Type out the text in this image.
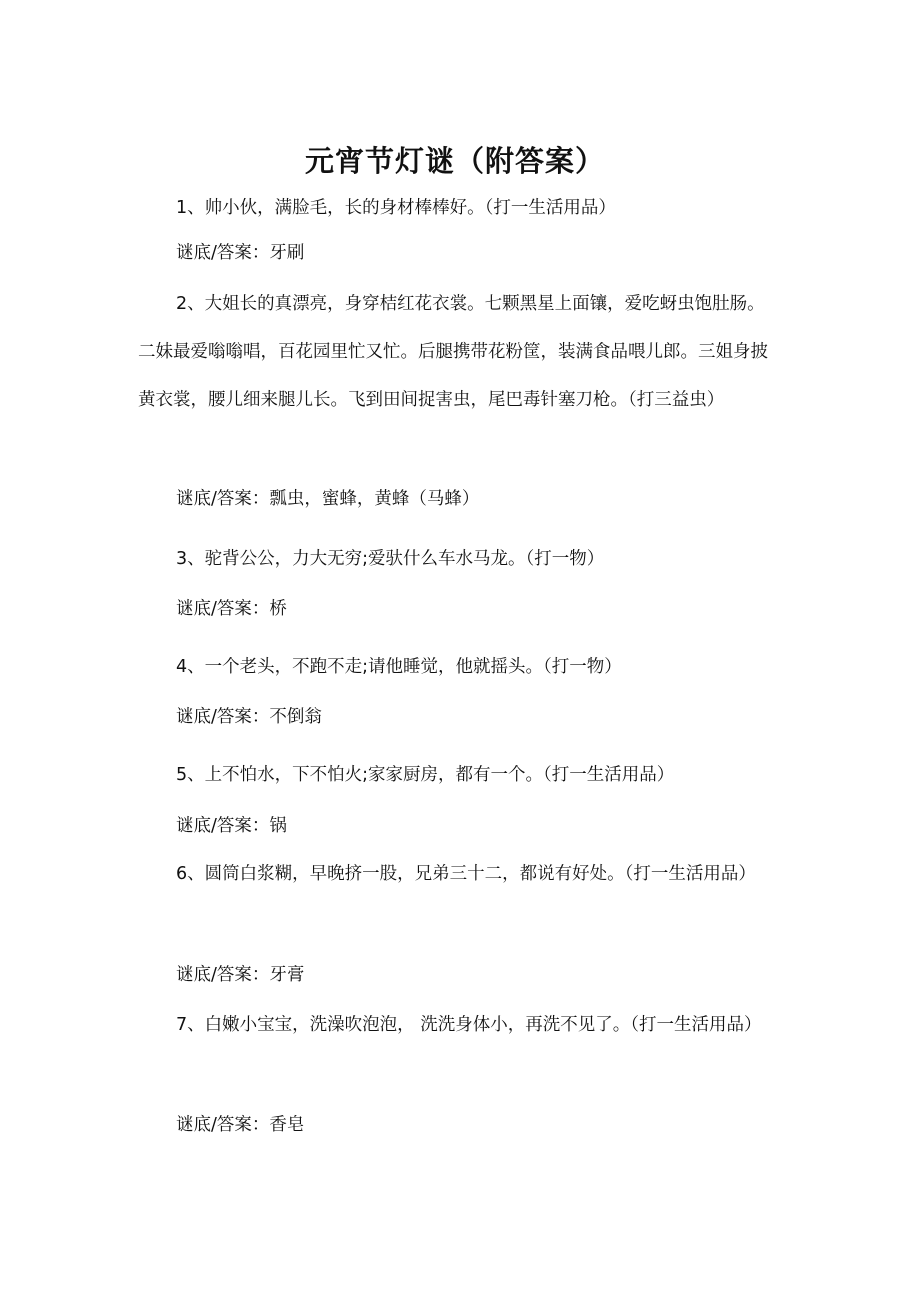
元宵节灯谜（附答案）

1、帅小伙，满脸毛，长的身材棒棒好。（打一生活用品）

谜底/答案：牙刷

2、大姐长的真漂亮，身穿桔红花衣裳。七颗黑星上面镶，爱吃蚜虫饱肚肠。二妹最爱嗡嗡唱，百花园里忙又忙。后腿携带花粉筐，装满食品喂儿郎。三姐身披黄衣裳，腰儿细来腿儿长。飞到田间捉害虫，尾巴毒针塞刀枪。（打三益虫）

谜底/答案：瓢虫，蜜蜂，黄蜂（马蜂）

3、驼背公公，力大无穷;爱驮什么车水马龙。（打一物）

谜底/答案：桥

4、一个老头，不跑不走;请他睡觉，他就摇头。（打一物）

谜底/答案：不倒翁

5、上不怕水，下不怕火;家家厨房，都有一个。（打一生活用品）

谜底/答案：锅

6、圆筒白浆糊，早晚挤一股，兄弟三十二，都说有好处。（打一生活用品）

谜底/答案：牙膏

7、白嫩小宝宝，洗澡吹泡泡， 洗洗身体小，再洗不见了。（打一生活用品）

谜底/答案：香皂
